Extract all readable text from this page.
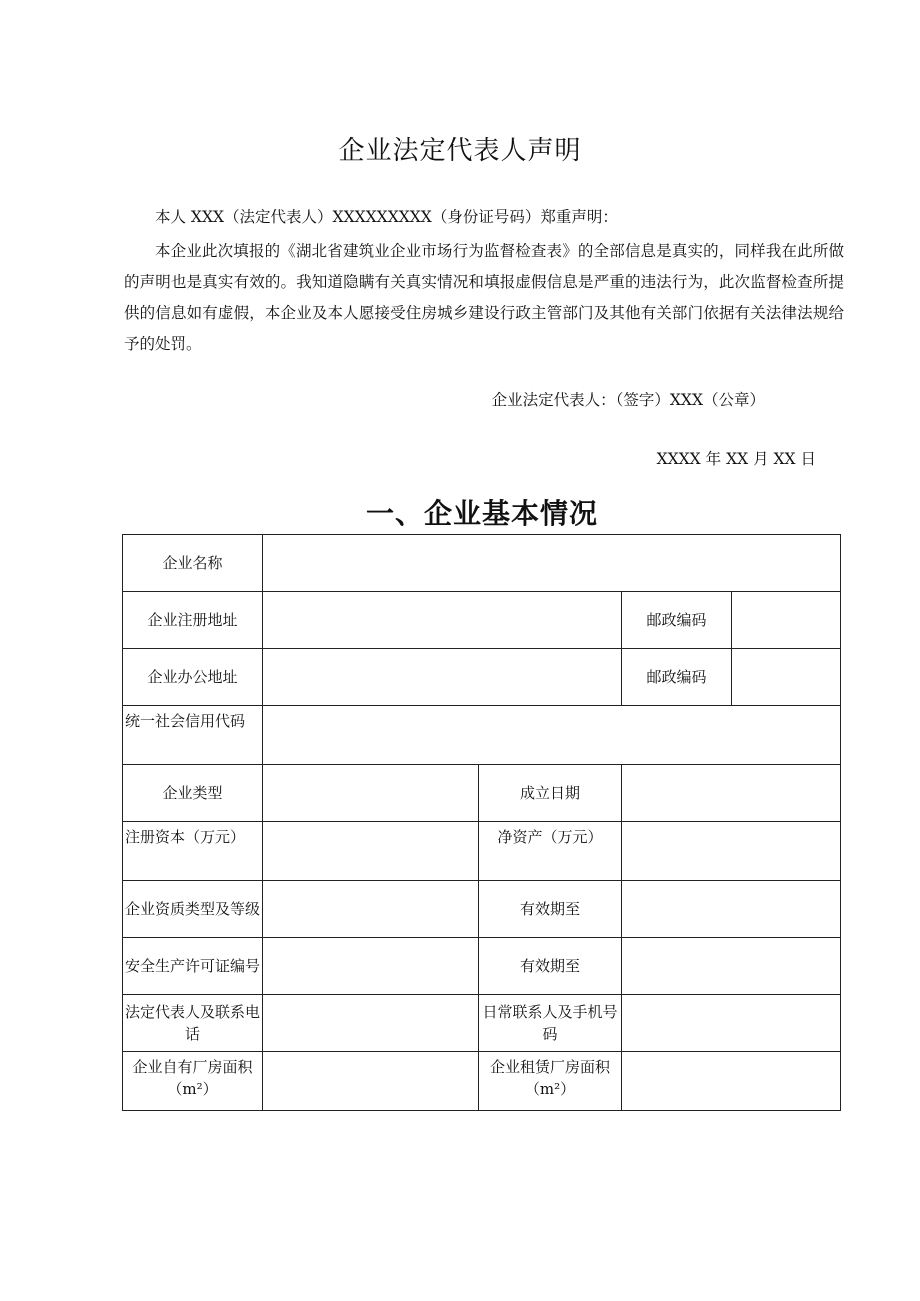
企业法定代表人声明

本人 XXX（法定代表人）XXXXXXXXX（身份证号码）郑重声明：

本企业此次填报的《湖北省建筑业企业市场行为监督检查表》的全部信息是真实的，同样我在此所做的声明也是真实有效的。我知道隐瞒有关真实情况和填报虚假信息是严重的违法行为，此次监督检查所提供的信息如有虚假，本企业及本人愿接受住房城乡建设行政主管部门及其他有关部门依据有关法律法规给予的处罚。

企业法定代表人：（签字）XXX（公章）

XXXX 年 XX 月 XX 日

一、企业基本情况
企业名称				
企业注册地址			邮政编码	
企业办公地址			邮政编码	
统一社会信用代码				
企业类型		成立日期		
注册资本（万元）		净资产（万元）		
企业资质类型及等级		有效期至		
安全生产许可证编号		有效期至		
法定代表人及联系电话		日常联系人及手机号码		
企业自有厂房面积（m²）		企业租赁厂房面积（m²）		
